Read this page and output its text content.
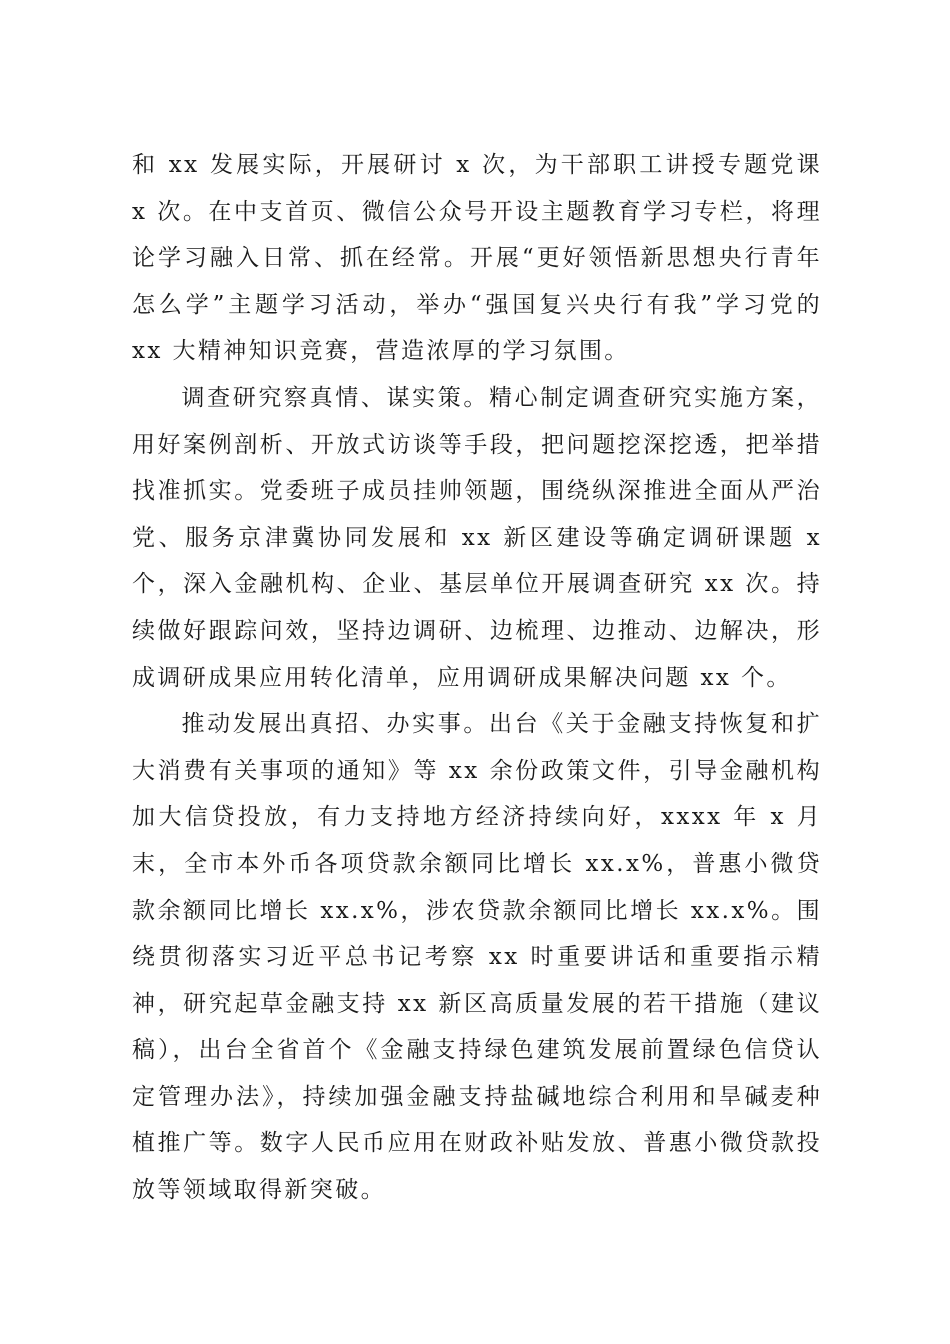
和 xx 发展实际，开展研讨 x 次，为干部职工讲授专题党课 x 次。在中支首页、微信公众号开设主题教育学习专栏，将理论学习融入日常、抓在经常。开展“更好领悟新思想央行青年怎么学”主题学习活动，举办“强国复兴央行有我”学习党的 xx 大精神知识竞赛，营造浓厚的学习氛围。

调查研究察真情、谋实策。精心制定调查研究实施方案，用好案例剖析、开放式访谈等手段，把问题挖深挖透，把举措找准抓实。党委班子成员挂帅领题，围绕纵深推进全面从严治党、服务京津冀协同发展和 xx 新区建设等确定调研课题 x 个，深入金融机构、企业、基层单位开展调查研究 xx 次。持续做好跟踪问效，坚持边调研、边梳理、边推动、边解决，形成调研成果应用转化清单，应用调研成果解决问题 xx 个。

推动发展出真招、办实事。出台《关于金融支持恢复和扩大消费有关事项的通知》等 xx 余份政策文件，引导金融机构加大信贷投放，有力支持地方经济持续向好，xxxx 年 x 月末，全市本外币各项贷款余额同比增长 xx.x%，普惠小微贷款余额同比增长 xx.x%，涉农贷款余额同比增长 xx.x%。围绕贯彻落实习近平总书记考察 xx 时重要讲话和重要指示精神，研究起草金融支持 xx 新区高质量发展的若干措施（建议稿），出台全省首个《金融支持绿色建筑发展前置绿色信贷认定管理办法》，持续加强金融支持盐碱地综合利用和旱碱麦种植推广等。数字人民币应用在财政补贴发放、普惠小微贷款投放等领域取得新突破。
